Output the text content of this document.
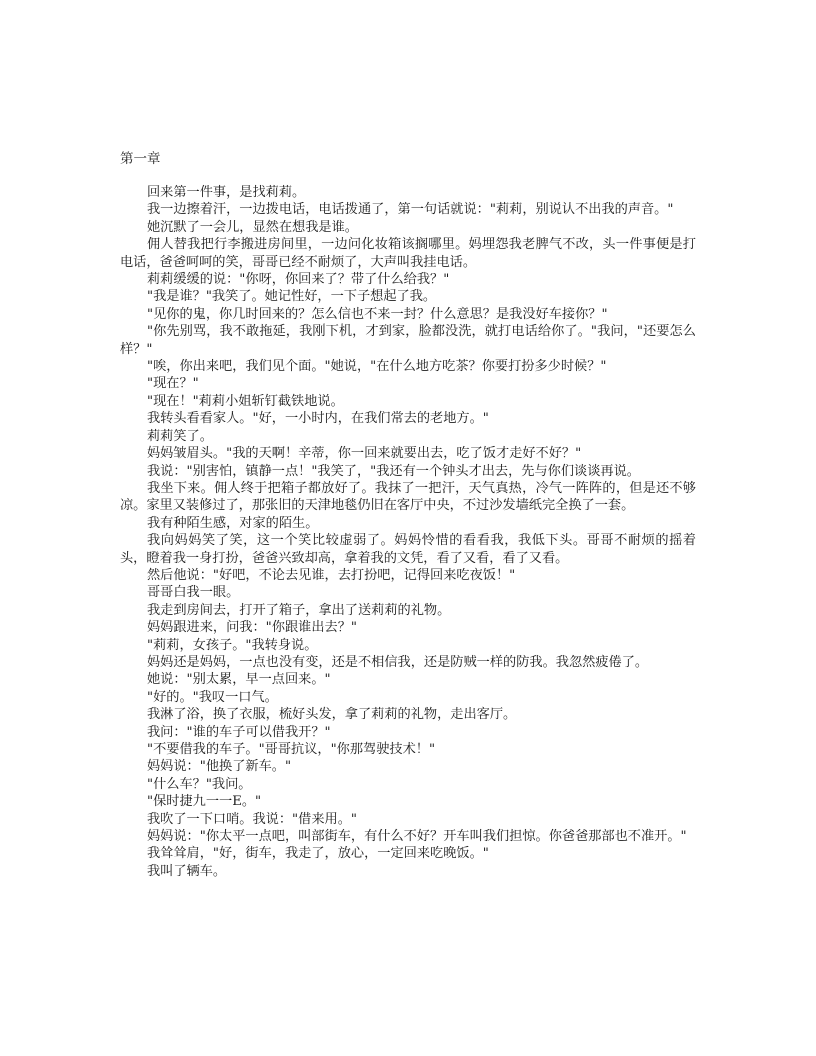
第一章

回来第一件事，是找莉莉。

我一边擦着汗，一边拨电话，电话拨通了，第一句话就说："莉莉，别说认不出我的声音。"

她沉默了一会儿，显然在想我是谁。

佣人替我把行李搬进房间里，一边问化妆箱该搁哪里。妈埋怨我老脾气不改，头一件事便是打电话，爸爸呵呵的笑，哥哥已经不耐烦了，大声叫我挂电话。

莉莉缓缓的说："你呀，你回来了？带了什么给我？"

"我是谁？"我笑了。她记性好，一下子想起了我。

"见你的鬼，你几时回来的？怎么信也不来一封？什么意思？是我没好车接你？"

"你先别骂，我不敢拖延，我刚下机，才到家，脸都没洗，就打电话给你了。"我问，"还要怎么样？"

"唉，你出来吧，我们见个面。"她说，"在什么地方吃茶？你要打扮多少时候？"

"现在？"

"现在！"莉莉小姐斩钉截铁地说。

我转头看看家人。"好，一小时内，在我们常去的老地方。"

莉莉笑了。

妈妈皱眉头。"我的天啊！辛蒂，你一回来就要出去，吃了饭才走好不好？"

我说："别害怕，镇静一点！"我笑了，"我还有一个钟头才出去，先与你们谈谈再说。

我坐下来。佣人终于把箱子都放好了。我抹了一把汗，天气真热，冷气一阵阵的，但是还不够凉。家里又装修过了，那张旧的天津地毯仍旧在客厅中央，不过沙发墙纸完全换了一套。

我有种陌生感，对家的陌生。

我向妈妈笑了笑，这一个笑比较虚弱了。妈妈怜惜的看看我，我低下头。哥哥不耐烦的摇着头，瞪着我一身打扮，爸爸兴致却高，拿着我的文凭，看了又看，看了又看。

然后他说："好吧，不论去见谁，去打扮吧，记得回来吃夜饭！"

哥哥白我一眼。

我走到房间去，打开了箱子，拿出了送莉莉的礼物。

妈妈跟进来，问我："你跟谁出去？"

"莉莉，女孩子。"我转身说。

妈妈还是妈妈，一点也没有变，还是不相信我，还是防贼一样的防我。我忽然疲倦了。

她说："别太累，早一点回来。"

"好的。"我叹一口气。

我淋了浴，换了衣服，梳好头发，拿了莉莉的礼物，走出客厅。

我问："谁的车子可以借我开？"

"不要借我的车子。"哥哥抗议，"你那驾驶技术！"

妈妈说："他换了新车。"

"什么车？"我问。

"保时捷九一一E。"

我吹了一下口哨。我说："借来用。"

妈妈说："你太平一点吧，叫部街车，有什么不好？开车叫我们担惊。你爸爸那部也不准开。"

我耸耸肩，"好，街车，我走了，放心，一定回来吃晚饭。"

我叫了辆车。
